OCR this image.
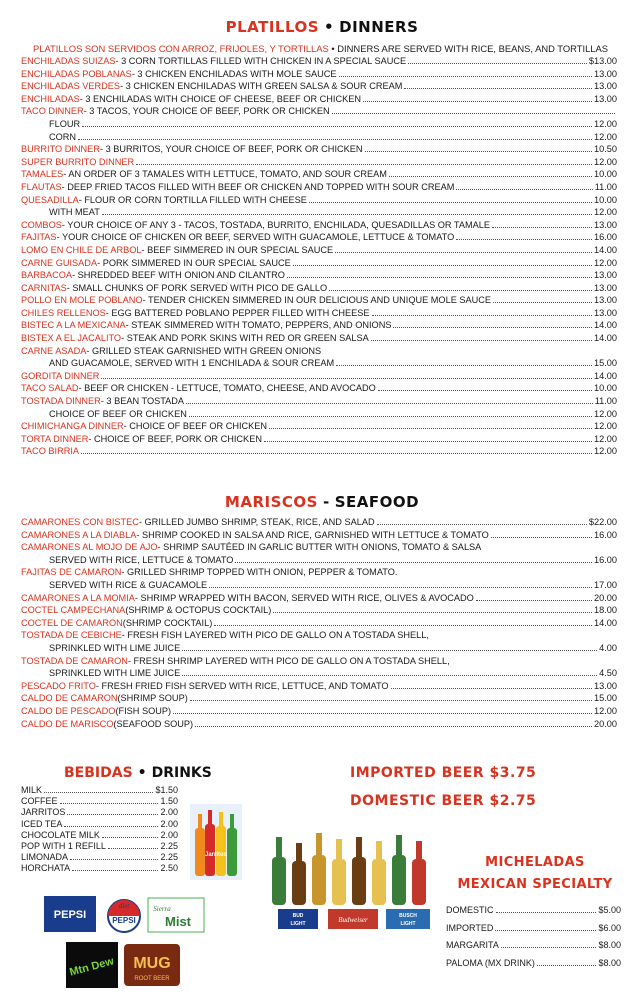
PLATILLOS • DINNERS
PLATILLOS SON SERVIDOS CON ARROZ, FRIJOLES, Y TORTILLAS • DINNERS ARE SERVED WITH RICE, BEANS, AND TORTILLAS
ENCHILADAS SUIZAS - 3 CORN TORTILLAS FILLED WITH CHICKEN IN A SPECIAL SAUCE	$13.00
ENCHILADAS POBLANAS - 3 CHICKEN ENCHILADAS WITH MOLE SAUCE	13.00
ENCHILADAS VERDES - 3 CHICKEN ENCHILADAS WITH GREEN SALSA & SOUR CREAM	13.00
ENCHILADAS - 3 ENCHILADAS WITH CHOICE OF CHEESE, BEEF OR CHICKEN	13.00
TACO DINNER - 3 TACOS, YOUR CHOICE OF BEEF, PORK OR CHICKEN
FLOUR	12.00
CORN	12.00
BURRITO DINNER - 3 BURRITOS, YOUR CHOICE OF BEEF, PORK OR CHICKEN	10.50
SUPER BURRITO DINNER	12.00
TAMALES - AN ORDER OF 3 TAMALES WITH LETTUCE, TOMATO, AND SOUR CREAM	10.00
FLAUTAS - DEEP FRIED TACOS FILLED WITH BEEF OR CHICKEN AND TOPPED WITH SOUR CREAM	11.00
QUESADILLA - FLOUR OR CORN TORTILLA FILLED WITH CHEESE	10.00
WITH MEAT	12.00
COMBOS - YOUR CHOICE OF ANY 3 - TACOS, TOSTADA, BURRITO, ENCHILADA, QUESADILLAS OR TAMALE	13.00
FAJITAS - YOUR CHOICE OF CHICKEN OR BEEF, SERVED WITH GUACAMOLE, LETTUCE & TOMATO	16.00
LOMO EN CHILE DE ARBOL - BEEF SIMMERED IN OUR SPECIAL SAUCE	14.00
CARNE GUISADA - PORK SIMMERED IN OUR SPECIAL SAUCE	12.00
BARBACOA - SHREDDED BEEF WITH ONION AND CILANTRO	13.00
CARNITAS - SMALL CHUNKS OF PORK SERVED WITH PICO DE GALLO	13.00
POLLO EN MOLE POBLANO - TENDER CHICKEN SIMMERED IN OUR DELICIOUS AND UNIQUE MOLE SAUCE	13.00
CHILES RELLENOS - EGG BATTERED POBLANO PEPPER FILLED WITH CHEESE	13.00
BISTEC A LA MEXICANA - STEAK SIMMERED WITH TOMATO, PEPPERS, AND ONIONS	14.00
BISTEX A EL JACALITO - STEAK AND PORK SKINS WITH RED OR GREEN SALSA	14.00
CARNE ASADA - GRILLED STEAK GARNISHED WITH GREEN ONIONS
AND GUACAMOLE, SERVED WITH 1 ENCHILADA & SOUR CREAM	15.00
GORDITA DINNER	14.00
TACO SALAD - BEEF OR CHICKEN - LETTUCE, TOMATO, CHEESE, AND AVOCADO	10.00
TOSTADA DINNER - 3 BEAN TOSTADA	11.00
CHOICE OF BEEF OR CHICKEN	12.00
CHIMICHANGA DINNER - CHOICE OF BEEF OR CHICKEN	12.00
TORTA DINNER - CHOICE OF BEEF, PORK OR CHICKEN	12.00
TACO BIRRIA	12.00
MARISCOS - SEAFOOD
CAMARONES CON BISTEC - GRILLED JUMBO SHRIMP, STEAK, RICE, AND SALAD	$22.00
CAMARONES A LA DIABLA - SHRIMP COOKED IN SALSA AND RICE, GARNISHED WITH LETTUCE & TOMATO	16.00
CAMARONES AL MOJO DE AJO - SHRIMP SAUTÉED IN GARLIC BUTTER WITH ONIONS, TOMATO & SALSA
SERVED WITH RICE, LETTUCE & TOMATO	16.00
FAJITAS DE CAMARON - GRILLED SHRIMP TOPPED WITH ONION, PEPPER & TOMATO.
SERVED WITH RICE & GUACAMOLE	17.00
CAMARONES A LA MOMIA - SHRIMP WRAPPED WITH BACON, SERVED WITH RICE, OLIVES & AVOCADO	20.00
COCTEL CAMPECHANA (SHRIMP & OCTOPUS COCKTAIL)	18.00
COCTEL DE CAMARON (SHRIMP COCKTAIL)	14.00
TOSTADA DE CEBICHE - FRESH FISH LAYERED WITH PICO DE GALLO ON A TOSTADA SHELL,
SPRINKLED WITH LIME JUICE	4.00
TOSTADA DE CAMARON - FRESH SHRIMP LAYERED WITH PICO DE GALLO ON A TOSTADA SHELL,
SPRINKLED WITH LIME JUICE	4.50
PESCADO FRITO - FRESH FRIED FISH SERVED WITH RICE, LETTUCE, AND TOMATO	13.00
CALDO DE CAMARON (SHRIMP SOUP)	15.00
CALDO DE PESCADO (FISH SOUP)	12.00
CALDO DE MARISCO (SEAFOOD SOUP)	20.00
BEBIDAS • DRINKS
MILK	$1.50
COFFEE	1.50
JARRITOS	2.00
ICED TEA	2.00
CHOCOLATE MILK	2.00
POP WITH 1 REFILL	2.25
LIMONADA	2.25
HORCHATA	2.50
Jarritos
PEPSI
diet
PEPSI
Sierra
Mist
Mtn Dew MUG
ROOT BEER
IMPORTED BEER $3.75
DOMESTIC BEER $2.75
BUD
LIGHT	Budweiser	BUSCH
LIGHT
MICHELADAS
MEXICAN SPECIALTY
DOMESTIC	$5.00
IMPORTED	$6.00
MARGARITA	$8.00
PALOMA (MX DRINK)	$8.00
